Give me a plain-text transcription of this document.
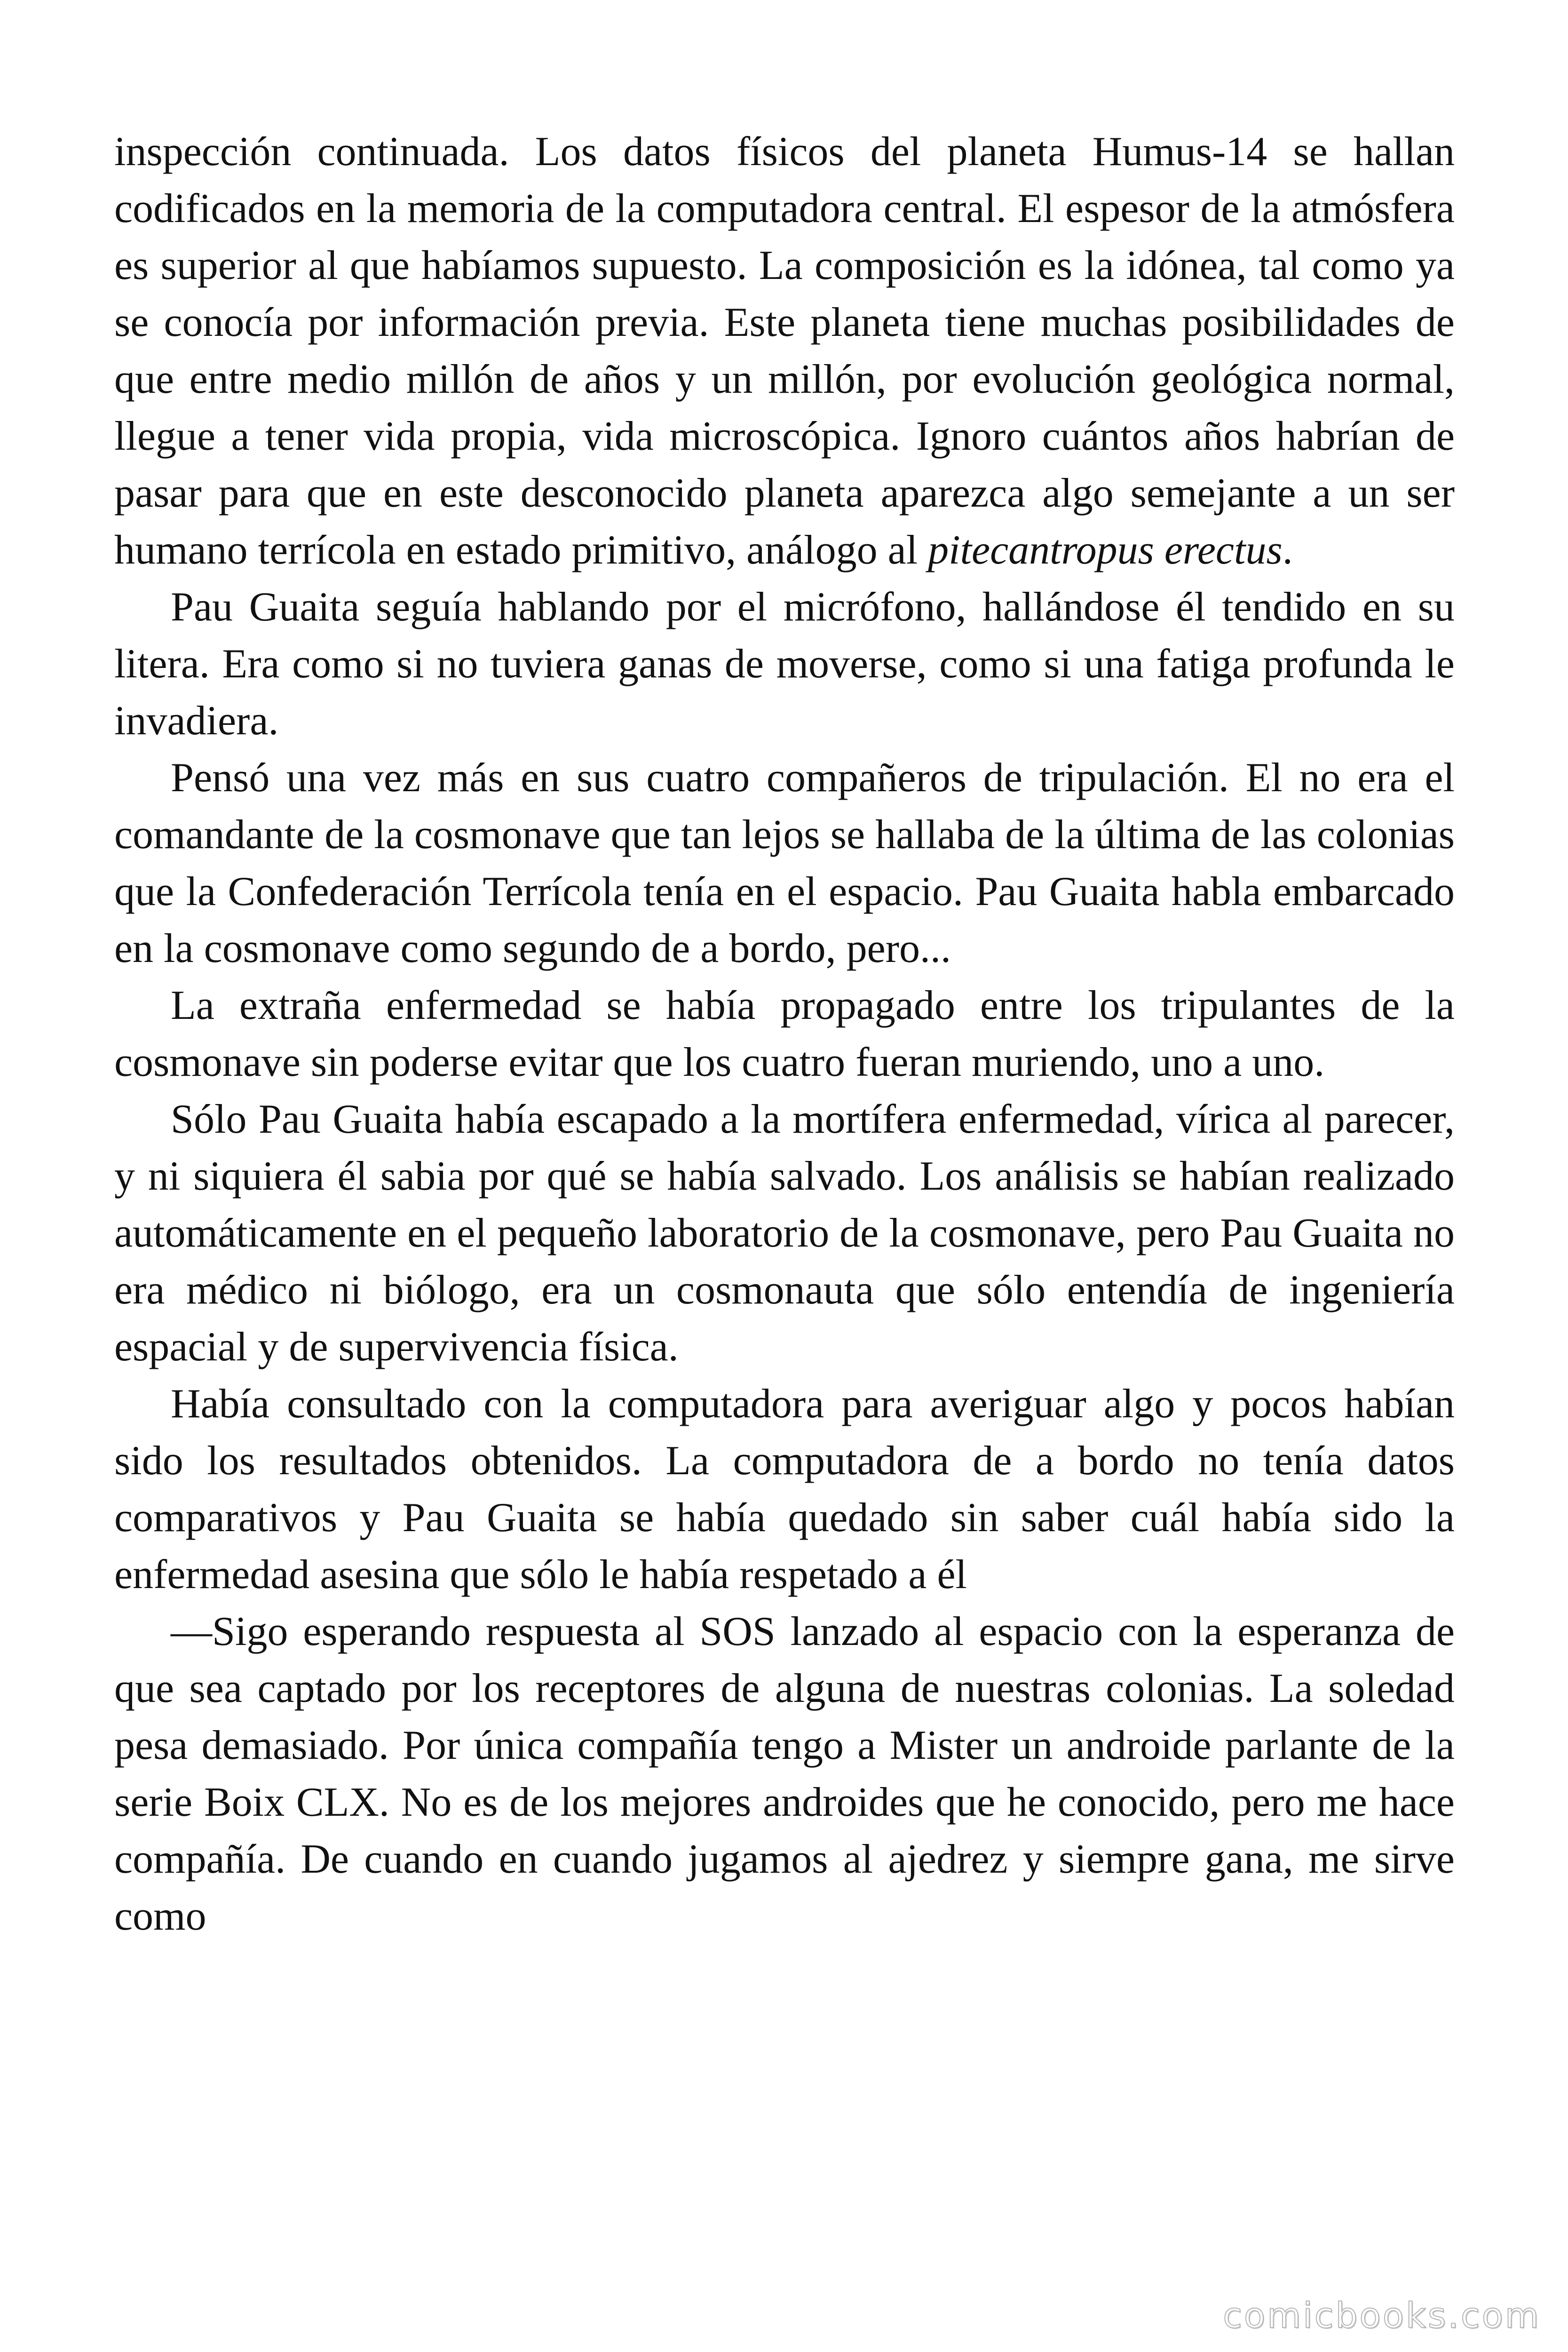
inspección continuada. Los datos físicos del planeta Humus-14 se hallan codificados en la memoria de la computadora central. El espesor de la atmósfera es superior al que habíamos supuesto. La composición es la idónea, tal como ya se conocía por información previa. Este planeta tiene muchas posibilidades de que entre medio millón de años y un millón, por evolución geológica normal, llegue a tener vida propia, vida microscópica. Ignoro cuántos años habrían de pasar para que en este desconocido planeta aparezca algo semejante a un ser humano terrícola en estado primitivo, análogo al pitecantropus erectus.

Pau Guaita seguía hablando por el micrófono, hallándose él tendido en su litera. Era como si no tuviera ganas de moverse, como si una fatiga profunda le invadiera.

Pensó una vez más en sus cuatro compañeros de tripulación. El no era el comandante de la cosmonave que tan lejos se hallaba de la última de las colonias que la Confederación Terrícola tenía en el espacio. Pau Guaita habla embarcado en la cosmonave como segundo de a bordo, pero...

La extraña enfermedad se había propagado entre los tripulantes de la cosmonave sin poderse evitar que los cuatro fueran muriendo, uno a uno.

Sólo Pau Guaita había escapado a la mortífera enfermedad, vírica al parecer, y ni siquiera él sabia por qué se había salvado. Los análisis se habían realizado automáticamente en el pequeño laboratorio de la cosmonave, pero Pau Guaita no era médico ni biólogo, era un cosmonauta que sólo entendía de ingeniería espacial y de supervivencia física.

Había consultado con la computadora para averiguar algo y pocos habían sido los resultados obtenidos. La computadora de a bordo no tenía datos comparativos y Pau Guaita se había quedado sin saber cuál había sido la enfermedad asesina que sólo le había respetado a él

—Sigo esperando respuesta al SOS lanzado al espacio con la esperanza de que sea captado por los receptores de alguna de nuestras colonias. La soledad pesa demasiado. Por única compañía tengo a Mister un androide parlante de la serie Boix CLX. No es de los mejores androides que he conocido, pero me hace compañía. De cuando en cuando jugamos al ajedrez y siempre gana, me sirve como

comicbooks.com
